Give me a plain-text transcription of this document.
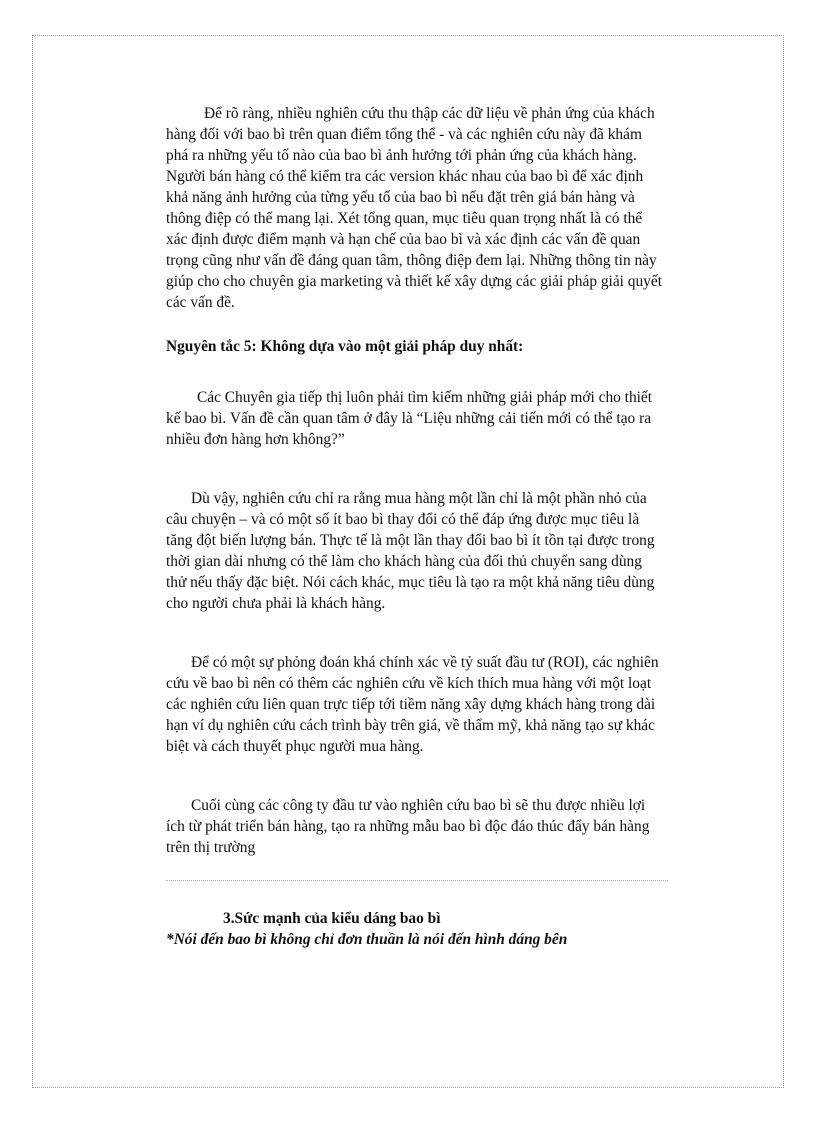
Để rõ ràng, nhiều nghiên cứu thu thập các dữ liệu về phản ứng của khách hàng đối với bao bì trên quan điểm tổng thể - và các nghiên cứu này đã khám phá ra những yếu tố nào của bao bì ảnh hưởng tới phản ứng của khách hàng. Người bán hàng có thể kiểm tra các version khác nhau của bao bì để xác định khả năng ảnh hưởng của từng yếu tố của bao bì nếu đặt trên giá bán hàng và thông điệp có thể mang lại. Xét tổng quan, mục tiêu quan trọng nhất là có thể xác định được điểm mạnh và hạn chế của bao bì và xác định các vấn đề quan trọng cũng như vấn đề đáng quan tâm, thông điệp đem lại. Những thông tin này giúp cho cho chuyên gia marketing và thiết kế xây dựng các giải pháp giải quyết các vấn đề.

Nguyên tắc 5: Không dựa vào một giải pháp duy nhất:

Các Chuyên gia tiếp thị luôn phải tìm kiếm những giải pháp mới cho thiết kế bao bì. Vấn đề cần quan tâm ở đây là “Liệu những cải tiến mới có thể tạo ra nhiều đơn hàng hơn không?”

Dù vậy, nghiên cứu chỉ ra rằng mua hàng một lần chỉ là một phần nhỏ của câu chuyện – và có một số ít bao bì thay đổi có thể đáp ứng được mục tiêu là tăng đột biến lượng bán. Thực tế là một lần thay đổi bao bì ít tồn tại được trong thời gian dài nhưng có thể làm cho khách hàng của đối thủ chuyển sang dùng thử nếu thấy đặc biệt. Nói cách khác, mục tiêu là tạo ra một khả năng tiêu dùng cho người chưa phải là khách hàng.

Để có một sự phỏng đoán khá chính xác về tỷ suất đầu tư (ROI), các nghiên cứu về bao bì nên có thêm các nghiên cứu về kích thích mua hàng với một loạt các nghiên cứu liên quan trực tiếp tới tiềm năng xây dựng khách hàng trong dài hạn ví dụ nghiên cứu cách trình bày trên giá, về thẩm mỹ, khả năng tạo sự khác biệt và cách thuyết phục người mua hàng.

Cuối cùng các công ty đầu tư vào nghiên cứu bao bì sẽ thu được nhiều lợi ích từ phát triển bán hàng, tạo ra những mẫu bao bì độc đáo thúc đẩy bán hàng trên thị trường

3.Sức mạnh của kiểu dáng bao bì

*Nói đến bao bì không chỉ đơn thuần là nói đến hình dáng bên
